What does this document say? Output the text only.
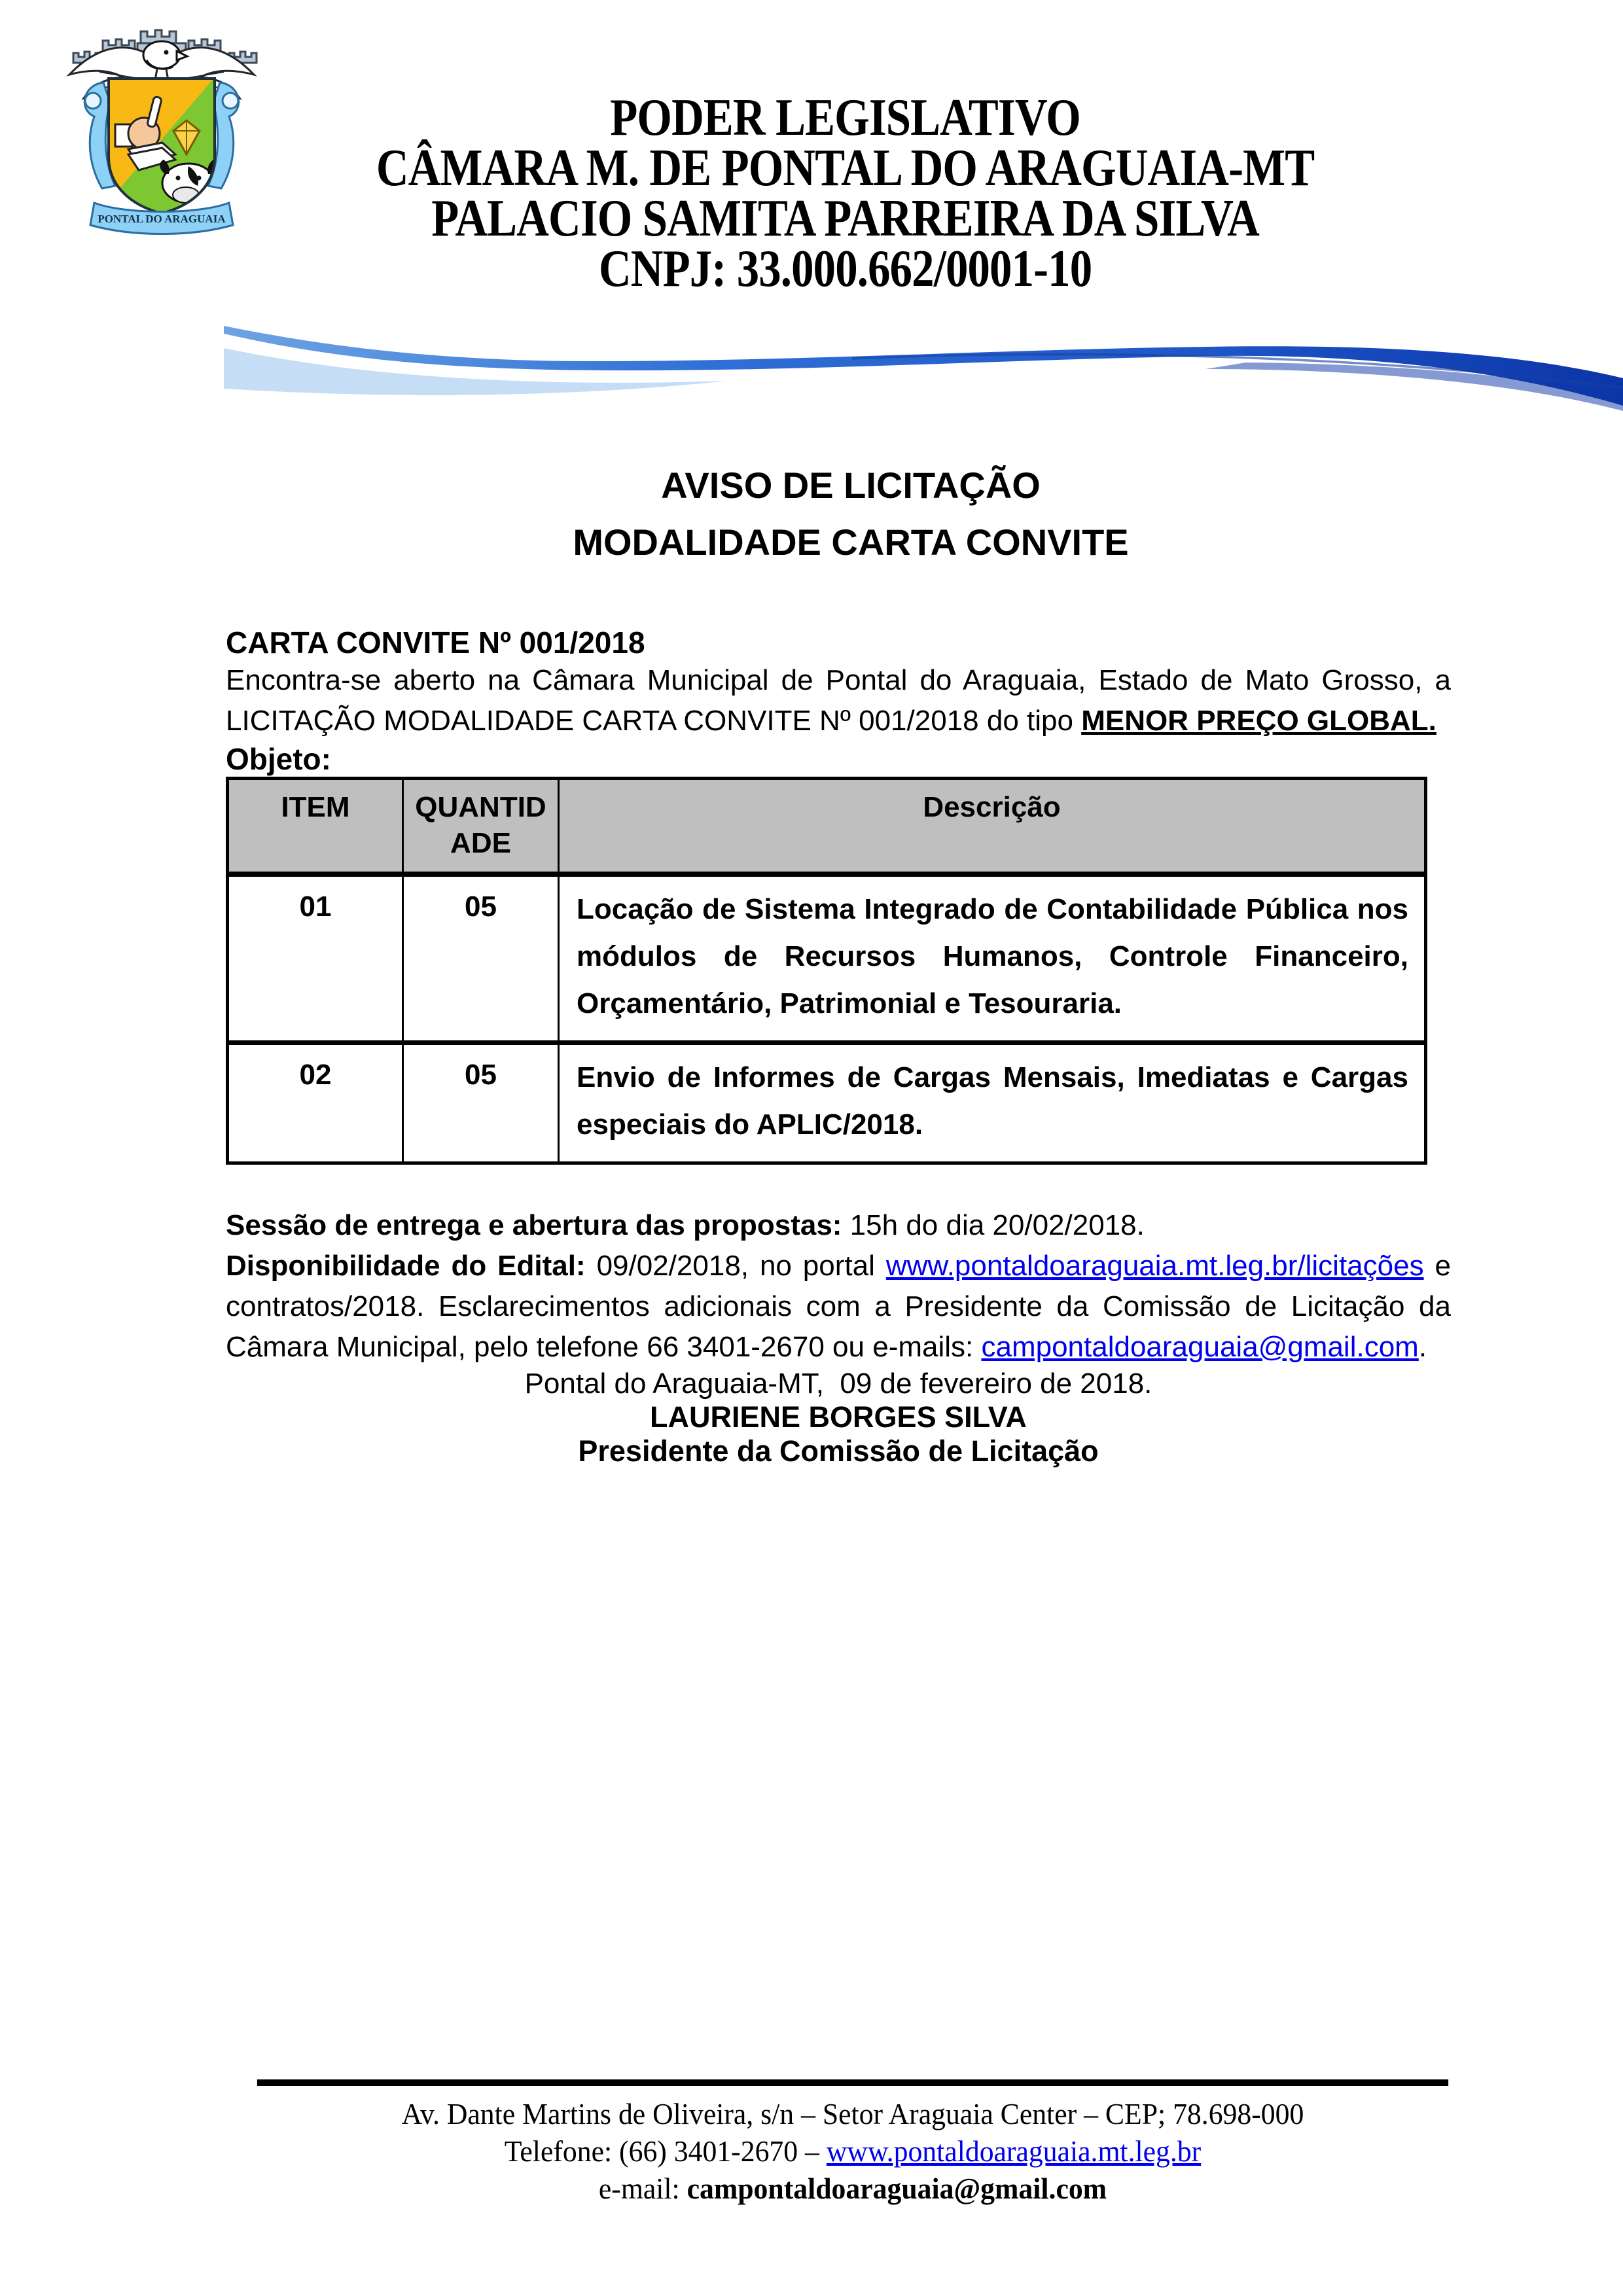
PONTAL DO ARAGUAIA
PODER LEGISLATIVO
CÂMARA M. DE PONTAL DO ARAGUAIA-MT
PALACIO SAMITA PARREIRA DA SILVA
CNPJ: 33.000.662/0001-10
AVISO DE LICITAÇÃO
MODALIDADE CARTA CONVITE

CARTA CONVITE Nº 001/2018

Encontra-se aberto na Câmara Municipal de Pontal do Araguaia, Estado de Mato Grosso, a LICITAÇÃO MODALIDADE CARTA CONVITE Nº 001/2018 do tipo MENOR PREÇO GLOBAL.

Objeto:

ITEM	QUANTIDADE	Descrição
01	05	Locação de Sistema Integrado de Contabilidade Pública nos módulos de Recursos Humanos, Controle Financeiro, Orçamentário, Patrimonial e Tesouraria.
02	05	Envio de Informes de Cargas Mensais, Imediatas e Cargas especiais do APLIC/2018.

Sessão de entrega e abertura das propostas: 15h do dia 20/02/2018.

Disponibilidade do Edital: 09/02/2018, no portal www.pontaldoaraguaia.mt.leg.br/licitações e contratos/2018. Esclarecimentos adicionais com a Presidente da Comissão de Licitação da Câmara Municipal, pelo telefone 66 3401-2670 ou e-mails: campontaldoaraguaia@gmail.com.

Pontal do Araguaia-MT,  09 de fevereiro de 2018.

LAURIENE BORGES SILVA

Presidente da Comissão de Licitação

Av. Dante Martins de Oliveira, s/n – Setor Araguaia Center – CEP; 78.698-000
Telefone: (66) 3401-2670 – www.pontaldoaraguaia.mt.leg.br
e-mail: campontaldoaraguaia@gmail.com
